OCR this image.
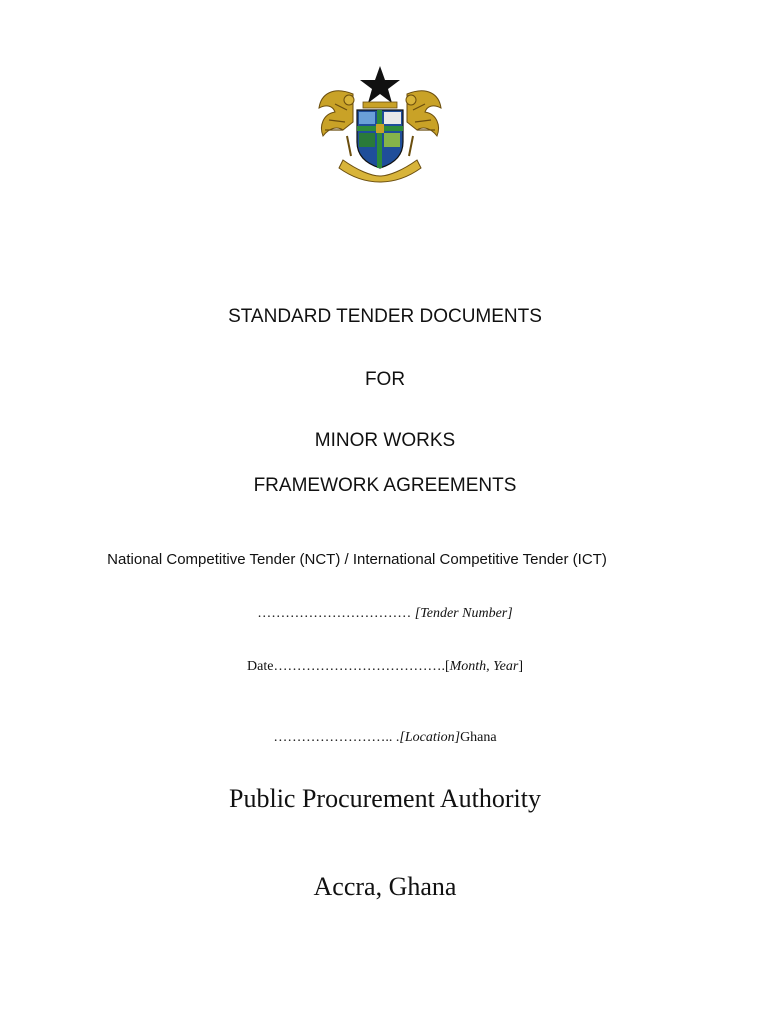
STANDARD TENDER DOCUMENTS
FOR
MINOR WORKS
FRAMEWORK AGREEMENTS
National Competitive Tender (NCT) / International Competitive Tender (ICT)
…………………………… [Tender Number]
Date……………………………….[Month, Year]
…………………….. .[Location]Ghana
Public Procurement Authority
Accra, Ghana
